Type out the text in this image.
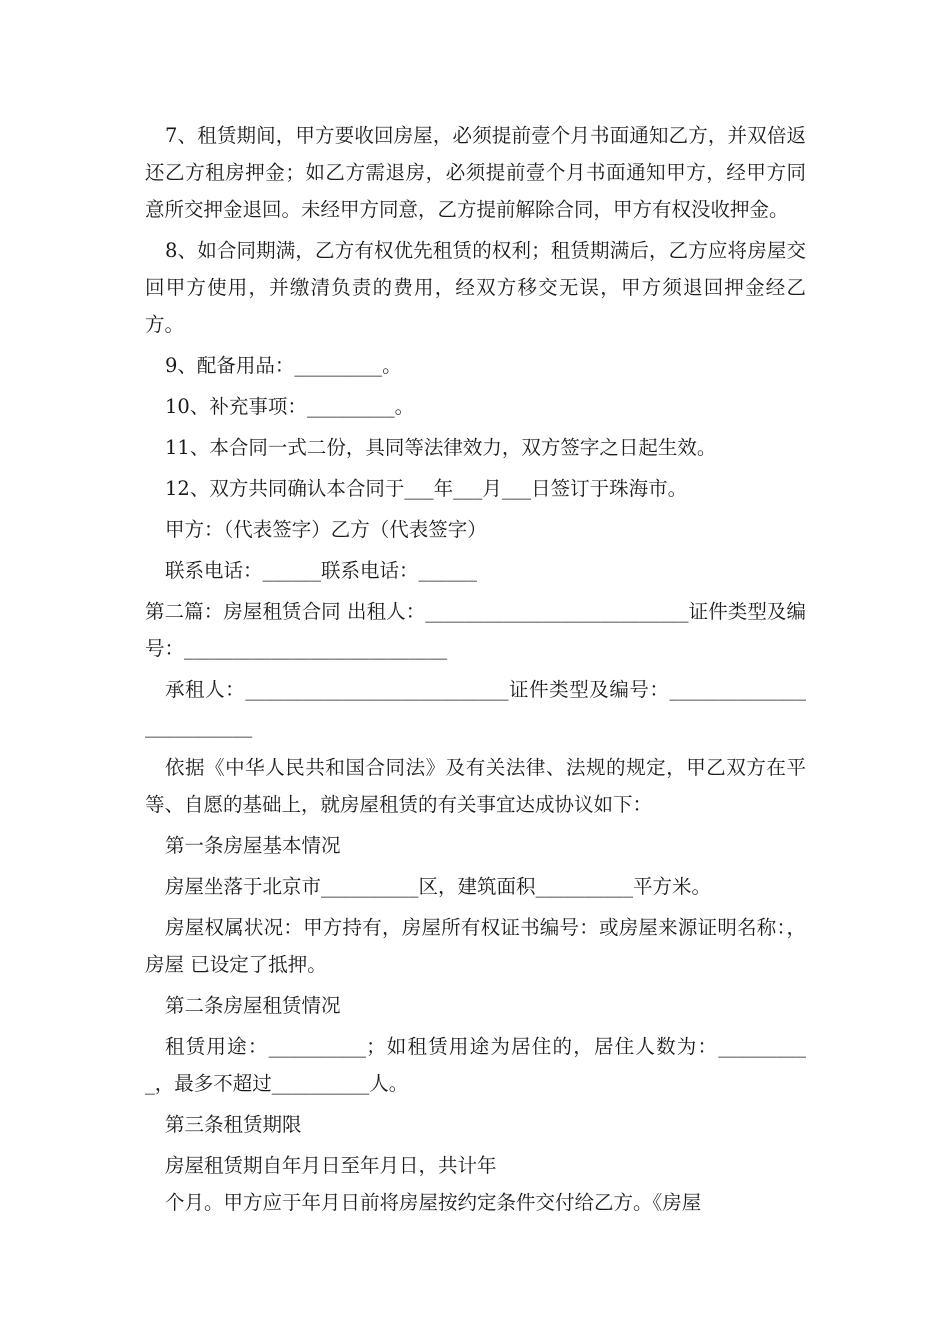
7、租赁期间，甲方要收回房屋，必须提前壹个月书面通知乙方，并双倍返还乙方租房押金；如乙方需退房，必须提前壹个月书面通知甲方，经甲方同意所交押金退回。未经甲方同意，乙方提前解除合同，甲方有权没收押金。

8、如合同期满，乙方有权优先租赁的权利；租赁期满后，乙方应将房屋交回甲方使用，并缴清负责的费用，经双方移交无误，甲方须退回押金经乙方。

9、配备用品：_________。

10、补充事项：_________。

11、本合同一式二份，具同等法律效力，双方签字之日起生效。

12、双方共同确认本合同于___年___月___日签订于珠海市。

甲方：（代表签字）乙方（代表签字）

联系电话：______联系电话：______

第二篇：房屋租赁合同 出租人：___________________________证件类型及编号：___________________________

承租人：___________________________证件类型及编号：_________________________

依据《中华人民共和国合同法》及有关法律、法规的规定，甲乙双方在平等、自愿的基础上，就房屋租赁的有关事宜达成协议如下：

第一条房屋基本情况

房屋坐落于北京市__________区，建筑面积__________平方米。

房屋权属状况：甲方持有，房屋所有权证书编号：或房屋来源证明名称：，房屋 已设定了抵押。

第二条房屋租赁情况

租赁用途：__________；如租赁用途为居住的，居住人数为：__________，最多不超过__________人。

第三条租赁期限

房屋租赁期自年月日至年月日，共计年

个月。甲方应于年月日前将房屋按约定条件交付给乙方。《房屋
